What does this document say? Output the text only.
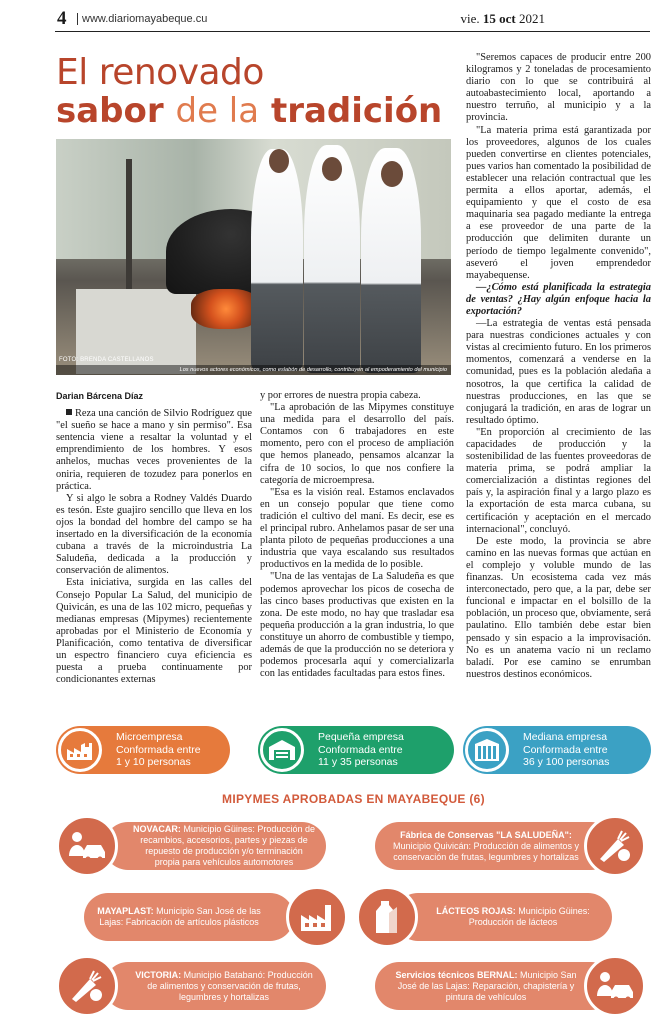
4	www.diariomayabeque.cu	vie. 15 oct 2021
El renovado
sabor de la tradición
FOTO: BRENDA CASTELLANOS
Los nuevos actores económicos, como eslabón de desarrollo, contribuyen al empoderamiento del municipio
Darian Bárcena Díaz

Reza una canción de Silvio Rodríguez que "el sueño se hace a mano y sin permiso". Esa sentencia viene a resaltar la voluntad y el emprendimiento de los hombres. Y esos anhelos, muchas veces provenientes de la oniria, requieren de tozudez para ponerlos en práctica.

Y si algo le sobra a Rodney Valdés Duardo es tesón. Este guajiro sencillo que lleva en los ojos la bondad del hombre del campo se ha insertado en la diversificación de la economía cubana a través de la microindustria La Saludeña, dedicada a la producción y conservación de alimentos.

Esta iniciativa, surgida en las calles del Consejo Popular La Salud, del municipio de Quivicán, es una de las 102 micro, pequeñas y medianas empresas (Mipymes) recientemente aprobadas por el Ministerio de Economía y Planificación, como tentativa de diversificar un espectro financiero cuya eficiencia es puesta a prueba continuamente por condicionantes externas

y por errores de nuestra propia cabeza.

"La aprobación de las Mipymes constituye una medida para el desarrollo del país. Contamos con 6 trabajadores en este momento, pero con el proceso de ampliación que hemos planeado, pensamos alcanzar la cifra de 10 socios, lo que nos confiere la categoría de microempresa.

"Esa es la visión real. Estamos enclavados en un consejo popular que tiene como tradición el cultivo del maní. Es decir, ese es el principal rubro. Anhelamos pasar de ser una planta piloto de pequeñas producciones a una industria que vaya escalando sus resultados productivos en la medida de lo posible.

"Una de las ventajas de La Saludeña es que podemos aprovechar los picos de cosecha de las cinco bases productivas que existen en la zona. De este modo, no hay que trasladar esa pequeña producción a la gran industria, lo que constituye un ahorro de combustible y tiempo, además de que la producción no se deteriora y podemos procesarla aquí y comercializarla con las entidades facultadas para estos fines.

"Seremos capaces de producir entre 200 kilogramos y 2 toneladas de procesamiento diario con lo que se contribuirá al autoabastecimiento local, aportando a nuestro terruño, al municipio y a la provincia.

"La materia prima está garantizada por los proveedores, algunos de los cuales pueden convertirse en clientes potenciales, pues varios han comentado la posibilidad de establecer una relación contractual que les permita a ellos aportar, además, el equipamiento y que el costo de esa maquinaria sea pagado mediante la entrega a ese proveedor de una parte de la producción que delimiten durante un período de tiempo legalmente convenido", aseveró el joven emprendedor mayabequense.

—¿Cómo está planificada la estrategia de ventas? ¿Hay algún enfoque hacia la exportación?

—La estrategia de ventas está pensada para nuestras condiciones actuales y con vistas al crecimiento futuro. En los primeros momentos, comenzará a venderse en la comunidad, pues es la población aledaña a nosotros, la que certifica la calidad de nuestras producciones, en las que se conjugará la tradición, en aras de lograr un resultado óptimo.

"En proporción al crecimiento de las capacidades de producción y la sostenibilidad de las fuentes proveedoras de materia prima, se podrá ampliar la comercialización a distintas regiones del país y, la aspiración final y a largo plazo es la exportación de esta marca cubana, su certificación y aceptación en el mercado internacional", concluyó.

De este modo, la provincia se abre camino en las nuevas formas que actúan en el complejo y voluble mundo de las finanzas. Un ecosistema cada vez más interconectado, pero que, a la par, debe ser funcional e impactar en el bolsillo de la población, un proceso que, obviamente, será paulatino. Ello también debe estar bien pensado y sin espacio a la improvisación. No es un anatema vacío ni un reclamo baladí. Por ese camino se enrumban nuestros destinos económicos.

Microempresa
Conformada entre
1 y 10 personas
Pequeña empresa
Conformada entre
11 y 35 personas
Mediana empresa
Conformada entre
36 y 100 personas
MIPYMES APROBADAS EN MAYABEQUE (6)
NOVACAR: Municipio Güines: Producción de recambios, accesorios, partes y piezas de repuesto de producción y/o terminación propia para vehículos automotores
Fábrica de Conservas "LA SALUDEÑA": Municipio Quivicán: Producción de alimentos y conservación de frutas, legumbres y hortalizas
MAYAPLAST: Municipio San José de las Lajas: Fabricación de artículos plásticos
LÁCTEOS ROJAS: Municipio Güines: Producción de lácteos
VICTORIA: Municipio Batabanó: Producción de alimentos y conservación de frutas, legumbres y hortalizas
Servicios técnicos BERNAL: Municipio San José de las Lajas: Reparación, chapistería y pintura de vehículos
